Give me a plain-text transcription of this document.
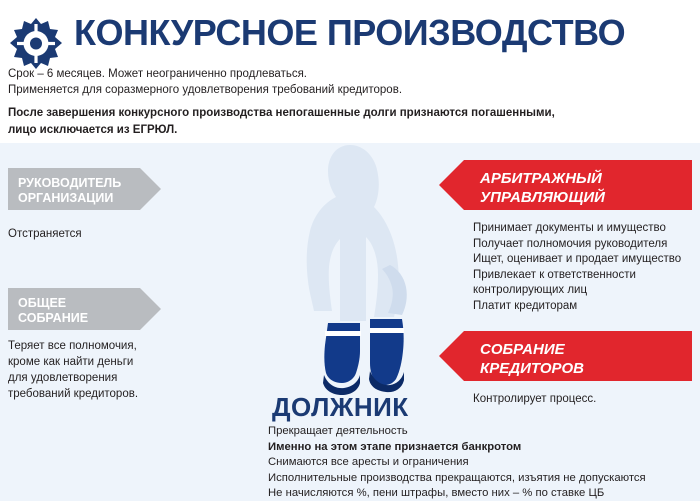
КОНКУРСНОЕ ПРОИЗВОДСТВО
Срок – 6 месяцев. Может неограниченно продлеваться.
Применяется для соразмерного удовлетворения требований кредиторов.
После завершения конкурсного производства непогашенные долги признаются погашенными,
лицо исключается из ЕГРЮЛ.
РУКОВОДИТЕЛЬ
ОРГАНИЗАЦИИ
Отстраняется
ОБЩЕЕ
СОБРАНИЕ
Теряет все полномочия,
кроме как найти деньги
для удовлетворения
требований кредиторов.
АРБИТРАЖНЫЙ
УПРАВЛЯЮЩИЙ
Принимает документы и имущество
Получает полномочия руководителя
Ищет, оценивает и продает имущество
Привлекает к ответственности
контролирующих лиц
Платит кредиторам
СОБРАНИЕ
КРЕДИТОРОВ
Контролирует процесс.
ДОЛЖНИК
Прекращает деятельность
Именно на этом этапе признается банкротом
Снимаются все аресты и ограничения
Исполнительные производства прекращаются, изъятия не допускаются
Не начисляются %, пени штрафы, вместо них – % по ставке ЦБ
